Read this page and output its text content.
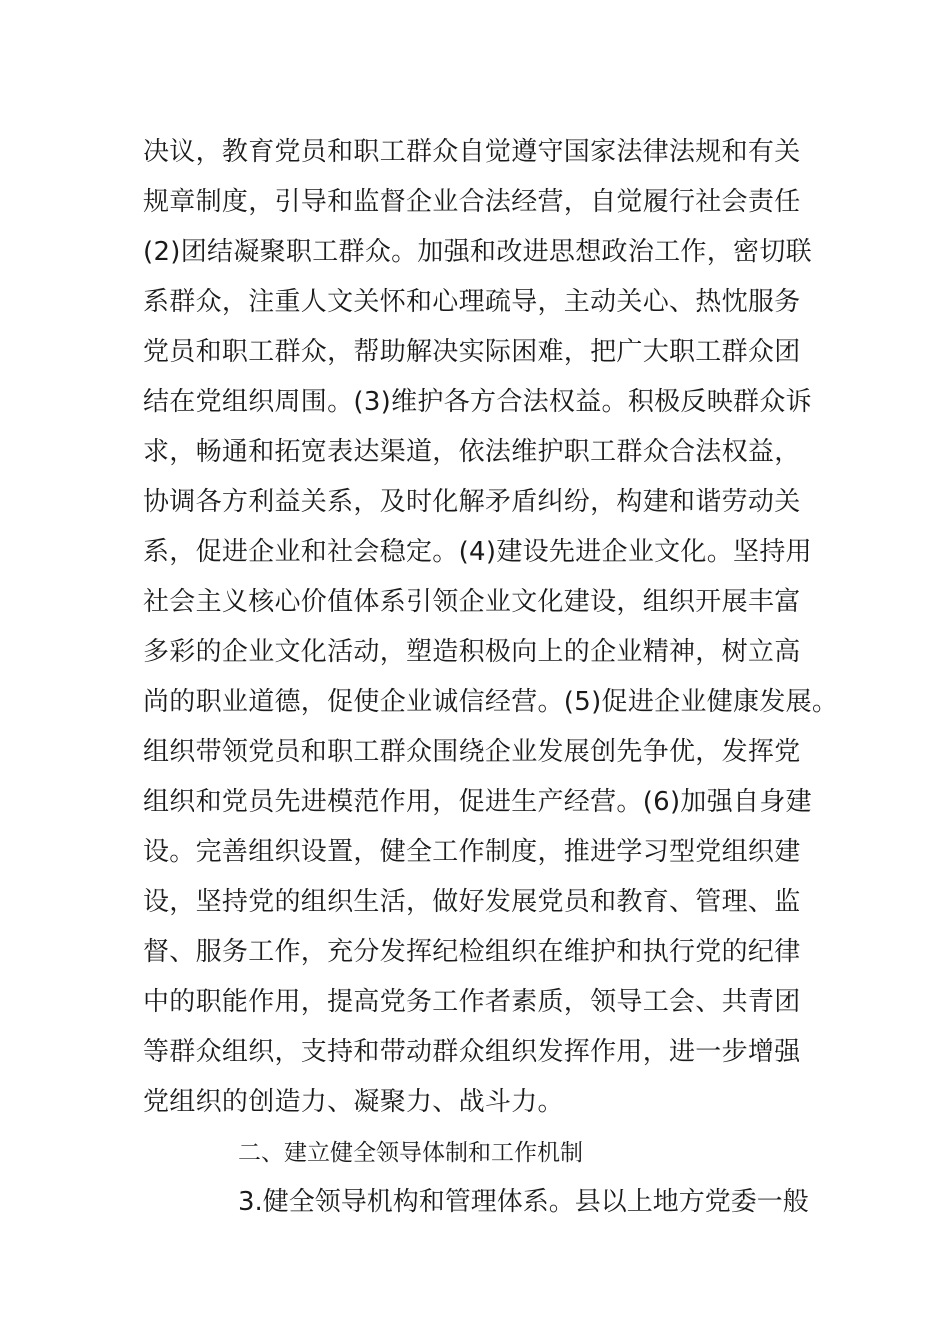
决议，教育党员和职工群众自觉遵守国家法律法规和有关
规章制度，引导和监督企业合法经营，自觉履行社会责任
(2)团结凝聚职工群众。加强和改进思想政治工作，密切联
系群众，注重人文关怀和心理疏导，主动关心、热忱服务
党员和职工群众，帮助解决实际困难，把广大职工群众团
结在党组织周围。(3)维护各方合法权益。积极反映群众诉
求，畅通和拓宽表达渠道，依法维护职工群众合法权益，
协调各方利益关系，及时化解矛盾纠纷，构建和谐劳动关
系，促进企业和社会稳定。(4)建设先进企业文化。坚持用
社会主义核心价值体系引领企业文化建设，组织开展丰富
多彩的企业文化活动，塑造积极向上的企业精神，树立高
尚的职业道德，促使企业诚信经营。(5)促进企业健康发展。
组织带领党员和职工群众围绕企业发展创先争优，发挥党
组织和党员先进模范作用，促进生产经营。(6)加强自身建
设。完善组织设置，健全工作制度，推进学习型党组织建
设，坚持党的组织生活，做好发展党员和教育、管理、监
督、服务工作，充分发挥纪检组织在维护和执行党的纪律
中的职能作用，提高党务工作者素质，领导工会、共青团
等群众组织，支持和带动群众组织发挥作用，进一步增强
党组织的创造力、凝聚力、战斗力。
二、建立健全领导体制和工作机制
3.健全领导机构和管理体系。县以上地方党委一般
